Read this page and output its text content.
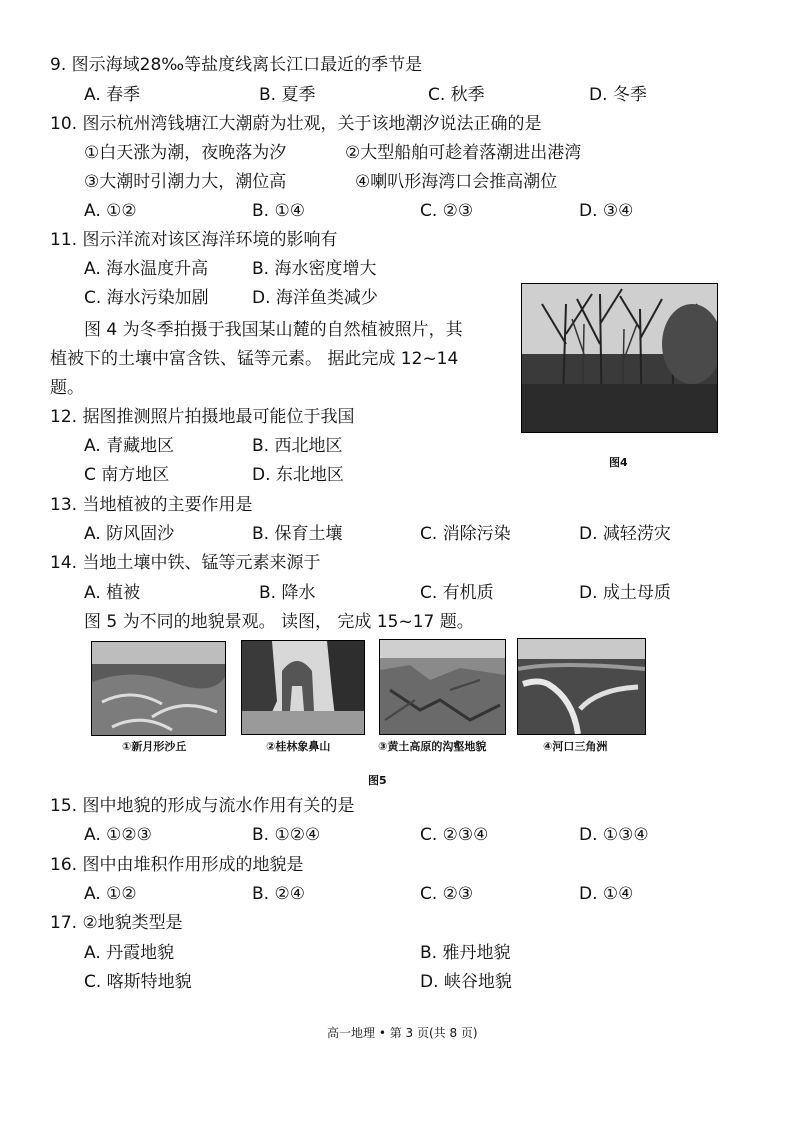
9. 图示海域28‰等盐度线离长江口最近的季节是
A. 春季	B. 夏季	C. 秋季	D. 冬季
10. 图示杭州湾钱塘江大潮蔚为壮观，关于该地潮汐说法正确的是
①白天涨为潮，夜晚落为汐	②大型船舶可趁着落潮进出港湾
③大潮时引潮力大，潮位高	④喇叭形海湾口会推高潮位
A. ①②	B. ①④	C. ②③	D. ③④
11. 图示洋流对该区海洋环境的影响有
A. 海水温度升高	B. 海水密度增大
C. 海水污染加剧	D. 海洋鱼类减少
图4
图 4 为冬季拍摄于我国某山麓的自然植被照片，其
植被下的土壤中富含铁、锰等元素。 据此完成 12~14
题。
12. 据图推测照片拍摄地最可能位于我国
A. 青藏地区	B. 西北地区
C 南方地区	D. 东北地区
13. 当地植被的主要作用是
A. 防风固沙	B. 保育土壤	C. 消除污染	D. 减轻涝灾
14. 当地土壤中铁、锰等元素来源于
A. 植被	B. 降水	C. 有机质	D. 成土母质
图 5 为不同的地貌景观。 读图， 完成 15~17 题。
①新月形沙丘	②桂林象鼻山	③黄土高原的沟壑地貌	④河口三角洲
图5
15. 图中地貌的形成与流水作用有关的是
A. ①②③	B. ①②④	C. ②③④	D. ①③④
16. 图中由堆积作用形成的地貌是
A. ①②	B. ②④	C. ②③	D. ①④
17. ②地貌类型是
A. 丹霞地貌	B. 雅丹地貌
C. 喀斯特地貌	D. 峡谷地貌
高一地理 • 第 3 页(共 8 页)
